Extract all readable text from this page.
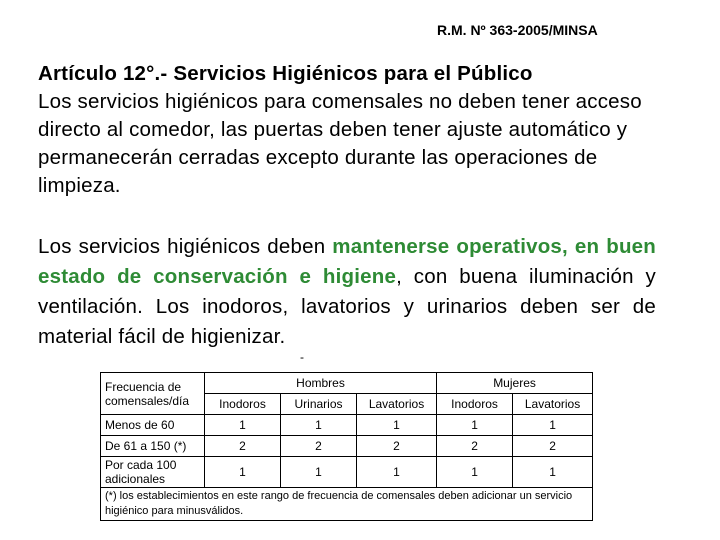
R.M. Nº 363-2005/MINSA
Artículo 12°.- Servicios Higiénicos para el Público
Los servicios higiénicos para comensales no deben tener acceso directo al comedor, las puertas deben tener ajuste automático y permanecerán cerradas excepto durante las operaciones de limpieza.
Los servicios higiénicos deben mantenerse operativos, en buen estado de conservación e higiene, con buena iluminación y ventilación. Los inodoros, lavatorios y urinarios deben ser de material fácil de higienizar.
-
Frecuencia de comensales/día	Hombres			Mujeres	
	Inodoros	Urinarios	Lavatorios	Inodoros	Lavatorios
Menos de 60	1	1	1	1	1
De 61 a 150 (*)	2	2	2	2	2
Por cada 100 adicionales	1	1	1	1	1
(*) los establecimientos en este rango de frecuencia de comensales deben adicionar un servicio higiénico para minusválidos.					
